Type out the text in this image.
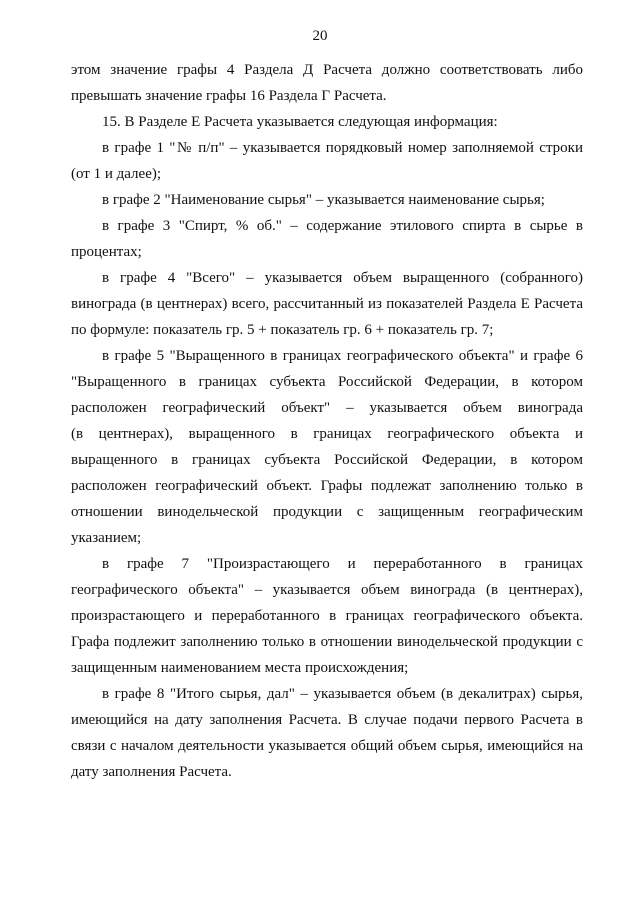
20
этом значение графы 4 Раздела Д Расчета должно соответствовать либо
превышать значение графы 16 Раздела Г Расчета.
15. В Разделе Е Расчета указывается следующая информация:
в графе 1 "№ п/п" – указывается порядковый номер заполняемой строки
(от 1 и далее);
в графе 2 "Наименование сырья" – указывается наименование сырья;
в графе 3 "Спирт, % об." – содержание этилового спирта в сырье в
процентах;
в графе 4 "Всего" – указывается объем выращенного (собранного)
винограда (в центнерах) всего, рассчитанный из показателей Раздела Е Расчета
по формуле: показатель гр. 5 + показатель гр. 6 + показатель гр. 7;
в графе 5 "Выращенного в границах географического объекта" и графе 6
"Выращенного в границах субъекта Российской Федерации, в котором
расположен географический объект" – указывается объем винограда
(в центнерах), выращенного в границах географического объекта и
выращенного в границах субъекта Российской Федерации, в котором
расположен географический объект. Графы подлежат заполнению только в
отношении винодельческой продукции с защищенным географическим
указанием;
в графе 7 "Произрастающего и переработанного в границах
географического объекта" – указывается объем винограда (в центнерах),
произрастающего и переработанного в границах географического объекта.
Графа подлежит заполнению только в отношении винодельческой продукции с
защищенным наименованием места происхождения;
в графе 8 "Итого сырья, дал" – указывается объем (в декалитрах) сырья,
имеющийся на дату заполнения Расчета. В случае подачи первого Расчета в
связи с началом деятельности указывается общий объем сырья, имеющийся на
дату заполнения Расчета.
